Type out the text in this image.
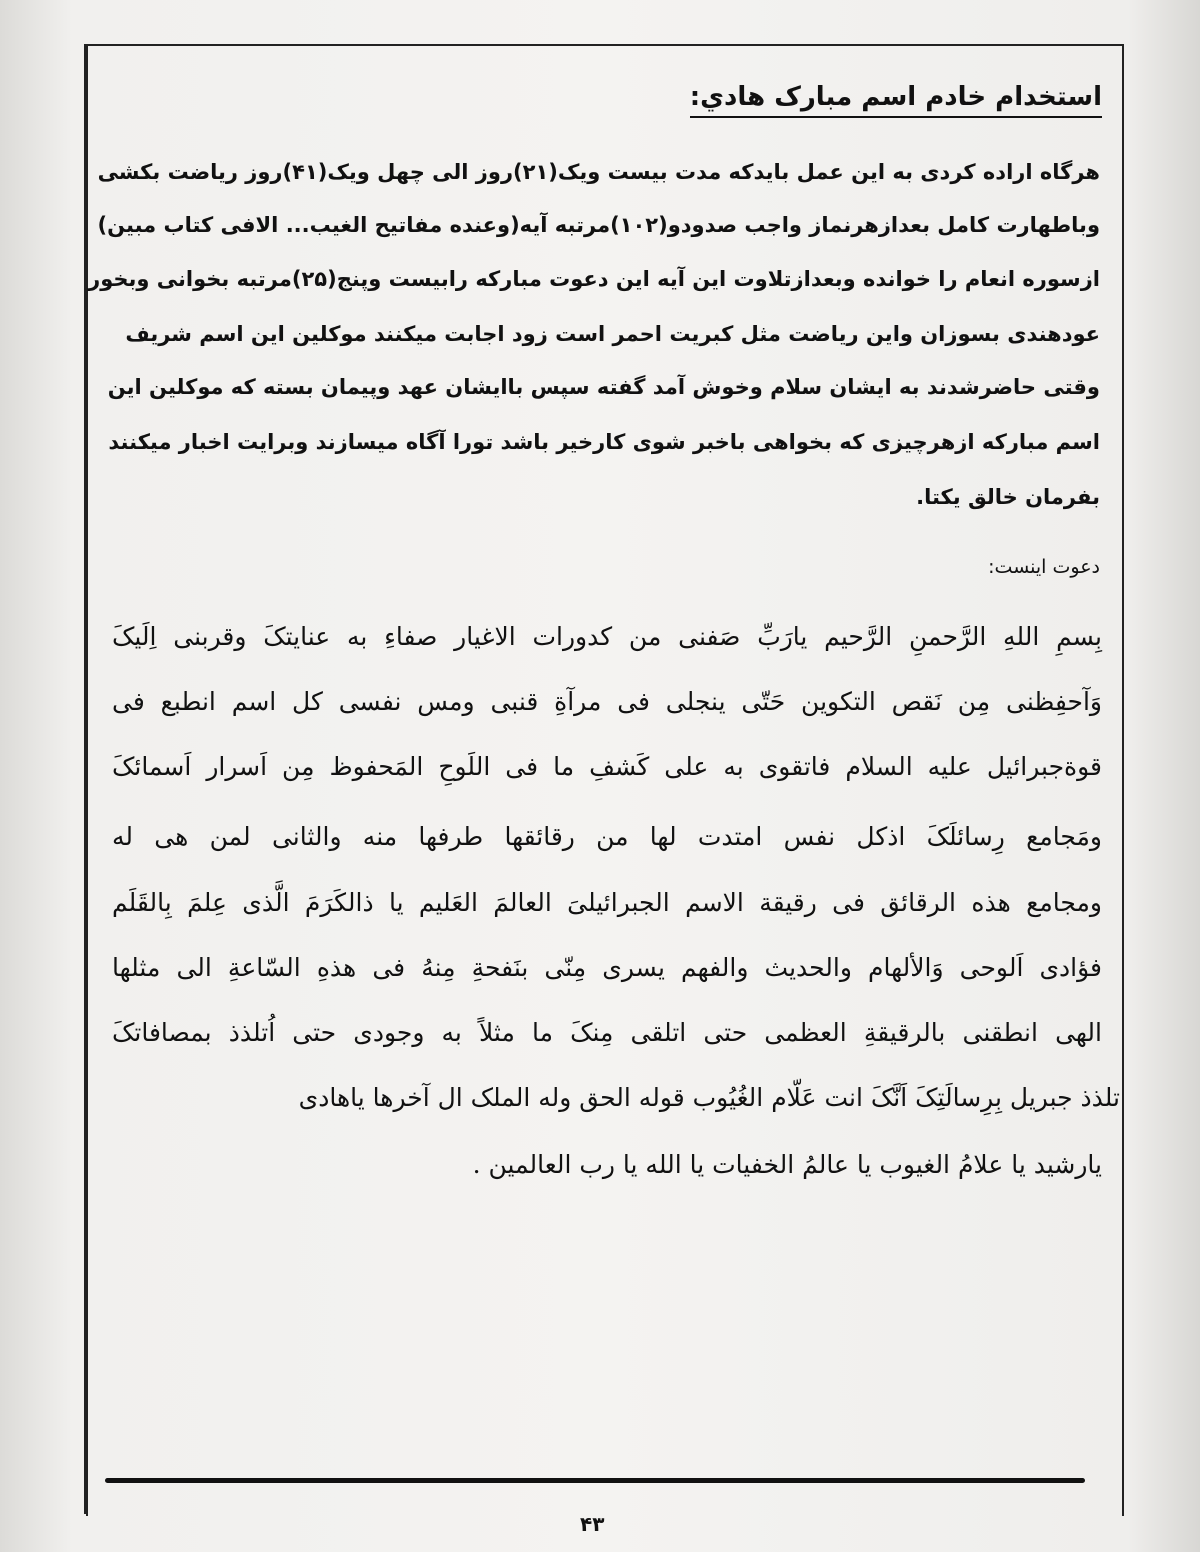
استخدام خادم اسم مبارک هادي:
هرگاه اراده کردی به این عمل بایدکه مدت بیست ویک(۲۱)روز الی چهل ویک(۴۱)روز ریاضت بکشی
وباطهارت کامل بعدازهرنماز واجب صدودو(۱۰۲)مرتبه آیه(وعنده مفاتیح الغیب... الافی کتاب مبین)
ازسوره انعام را خوانده وبعدازتلاوت این آیه این دعوت مبارکه رابیست وپنج(۲۵)مرتبه بخوانی وبخور
عودهندی بسوزان واین ریاضت مثل کبریت احمر است زود اجابت میکنند موکلین این اسم شریف
وقتی حاضرشدند به ایشان سلام وخوش آمد گفته سپس باایشان عهد وپیمان بسته که موکلین این
اسم مبارکه ازهرچیزی که بخواهی باخبر شوی کارخیر باشد تورا آگاه میسازند وبرایت اخبار میکنند
بفرمان خالق یکتا.
دعوت اینست:
بِسمِ اللهِ الرَّحمنِ الرَّحیم یارَبِّ صَفنی من کدورات الاغیار صفاءِ به عنایتکَ وقربنی اِلَیکَ
وَآحفِظنی مِن نَقص التکوین حَتّی ینجلی فی مرآةِ قنبی ومس نفسی کل اسم انطبع فی
قوةجبرائیل علیه السلام فاتقوی به علی کَشفِ ما فی اللَوحِ المَحفوظ مِن اَسرار اَسمائکَ
ومَجامع رِسائلَکَ اذکل نفس امتدت لها من رقائقها طرفها منه والثانی لمن هی له
ومجامع هذه الرقائق فی رقیقة الاسم الجبرائیلیَ العالمَ العَلیم یا ذالکَرَمَ الَّذی عِلمَ بِالقَلَم
فؤادی اَلوحی وَالألهام والحدیث والفهم یسری مِنّی بنَفحةِ مِنهُ فی هذهِ السّاعةِ الی مثلها
الهی انطقنی بالرقیقةِ العظمی حتی اتلقی مِنکَ ما مثلاً به وجودی حتی اُتلذذ بمصافاتکَ
تلذذ جبریل بِرِسالَتِکَ اَنَّکَ انت عَلّام الغُیُوب قوله الحق وله الملک ال آخرها یاهادی
یارشید یا علامُ الغیوب یا عالمُ الخفیات یا الله یا رب العالمین .
۴۳
